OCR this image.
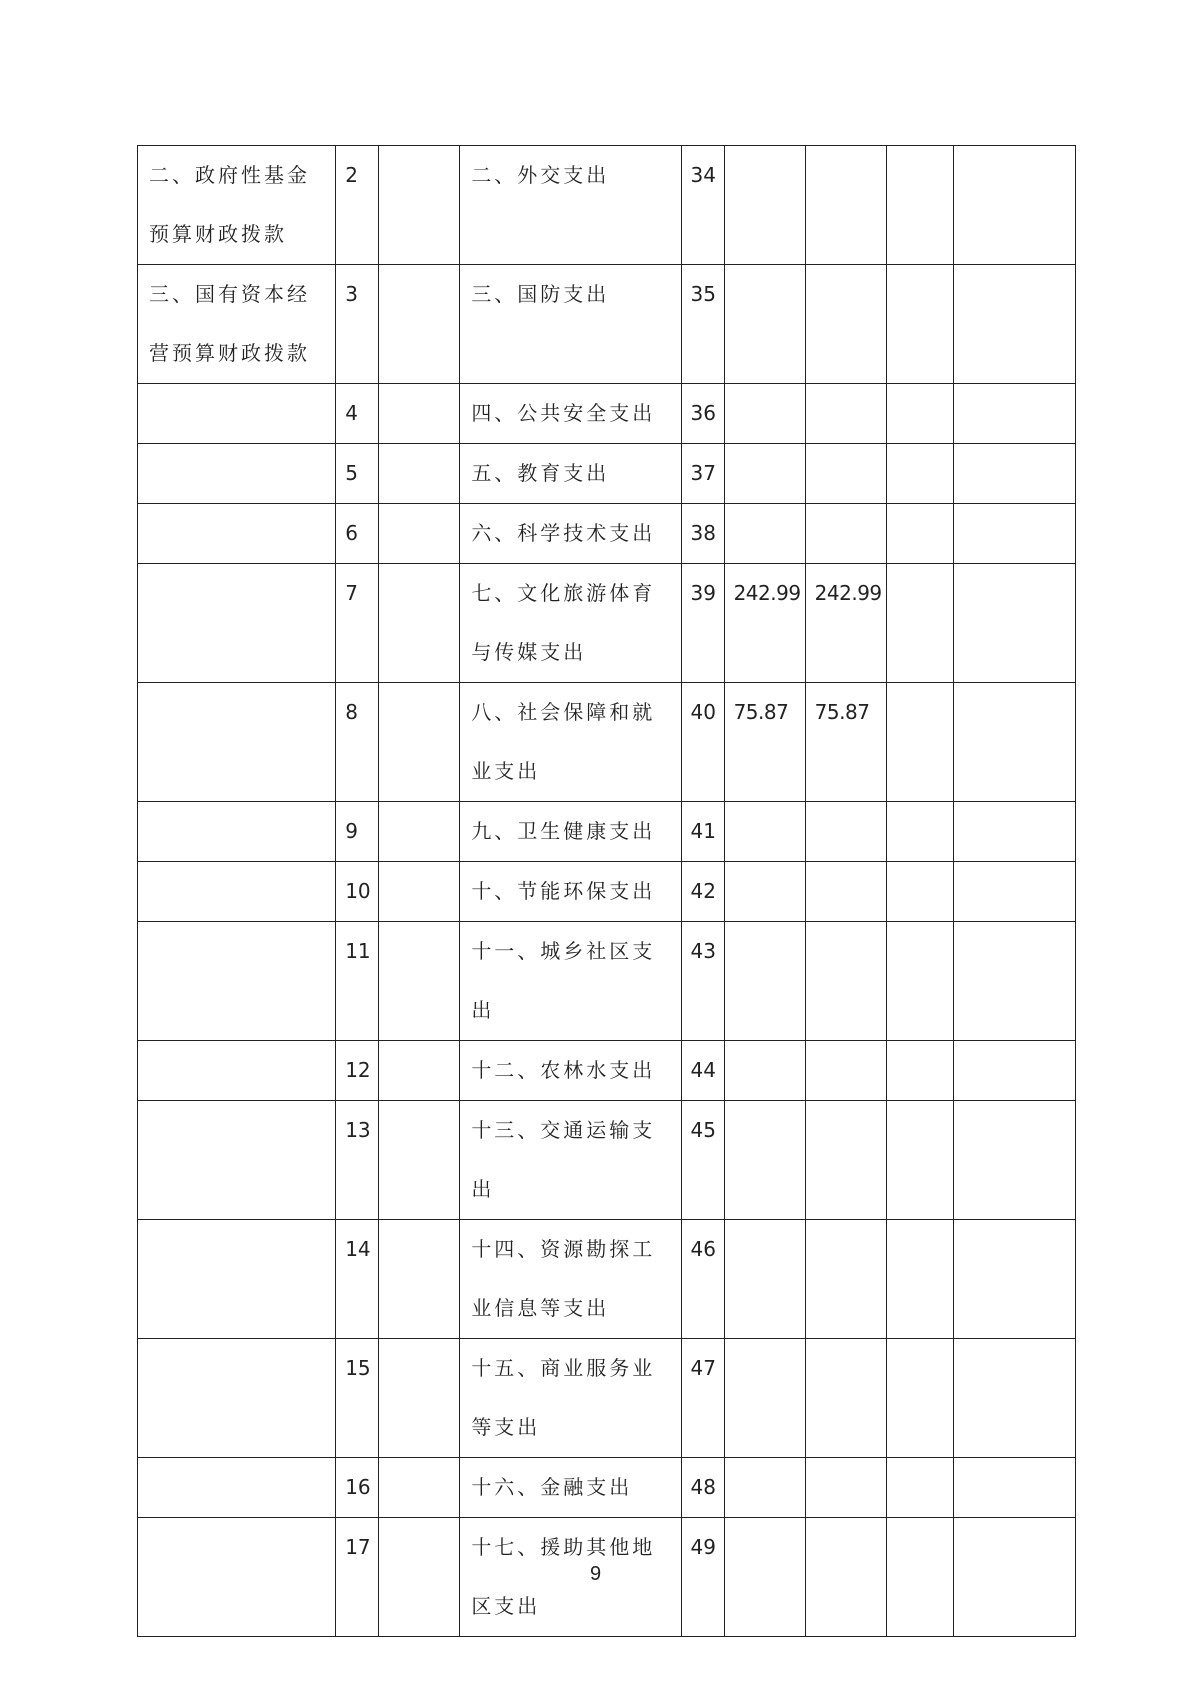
二、政府性基金预算财政拨款	2		二、外交支出	34				
三、国有资本经营预算财政拨款	3		三、国防支出	35				
	4		四、公共安全支出	36				
	5		五、教育支出	37				
	6		六、科学技术支出	38				
	7		七、文化旅游体育与传媒支出	39	242.99	242.99		
	8		八、社会保障和就业支出	40	75.87	75.87		
	9		九、卫生健康支出	41				
	10		十、节能环保支出	42				
	11		十一、城乡社区支出	43				
	12		十二、农林水支出	44				
	13		十三、交通运输支出	45				
	14		十四、资源勘探工业信息等支出	46				
	15		十五、商业服务业等支出	47				
	16		十六、金融支出	48				
	17		十七、援助其他地区支出	49				
9
